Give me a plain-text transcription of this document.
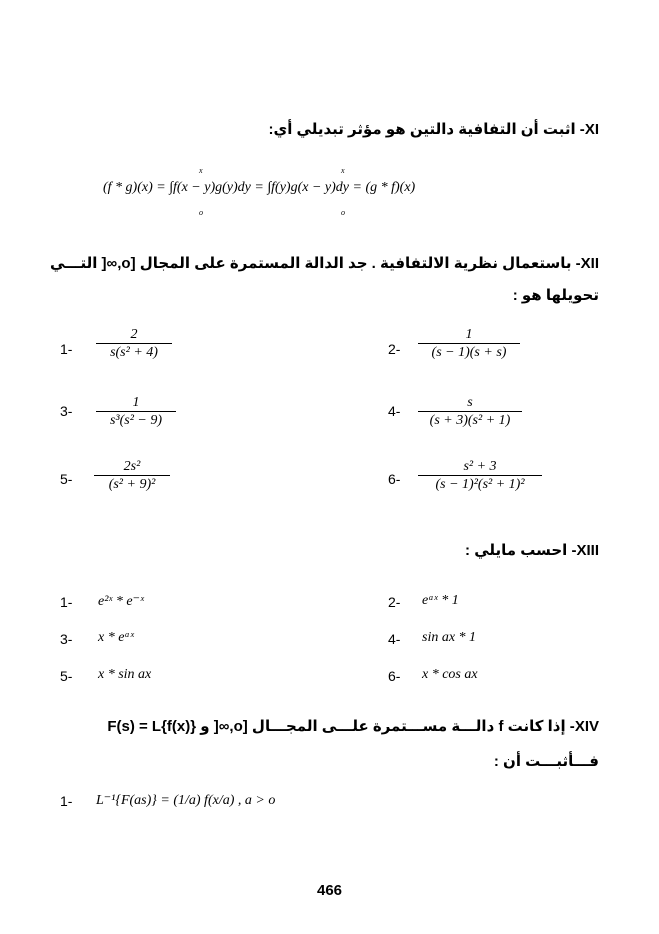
XI- اثبت أن التفافية دالتين هو مؤثر تبديلي أي:
(f * g)(x) = ∫f(x − y)g(y)dy = ∫f(y)g(x − y)dy = (g * f)(x)
x
o
x
o
XII- باستعمال نظرية الالتفافية . جد الدالة المستمرة على المجال [o,∞[ التـــي
تحويلها هو :
$1- \frac{2}{\text{s(s² + 4)}}$	$2- \frac{1}{(s - 1)(s + s)}$
$3- \frac{1}{\text{s³(s² − 9)}}$	$4- \frac{s}{\text{(s + 3)(s² + 1)}}$
$5- \frac{\text{2s²}}{\text{(s² + 9)²}}$	$6- \frac{\text{s² + 3}}{\text{(s − 1)²(s² + 1)²}}$
XIII- احسب مايلي :
1- e²ˣ * e⁻ˣ	2- eᵃˣ * 1
3- x * eᵃˣ	4- sin ax * 1
5- x * sin ax	6- x * cos ax
XIV- إذا كانت f دالـــة مســـتمرة علـــى المجـــال [o,∞[ و F(s) = L{f(x)}
فـــأثبـــت أن :
1- L⁻¹{F(as)} = (1/a) f(x/a) , a > o
466
